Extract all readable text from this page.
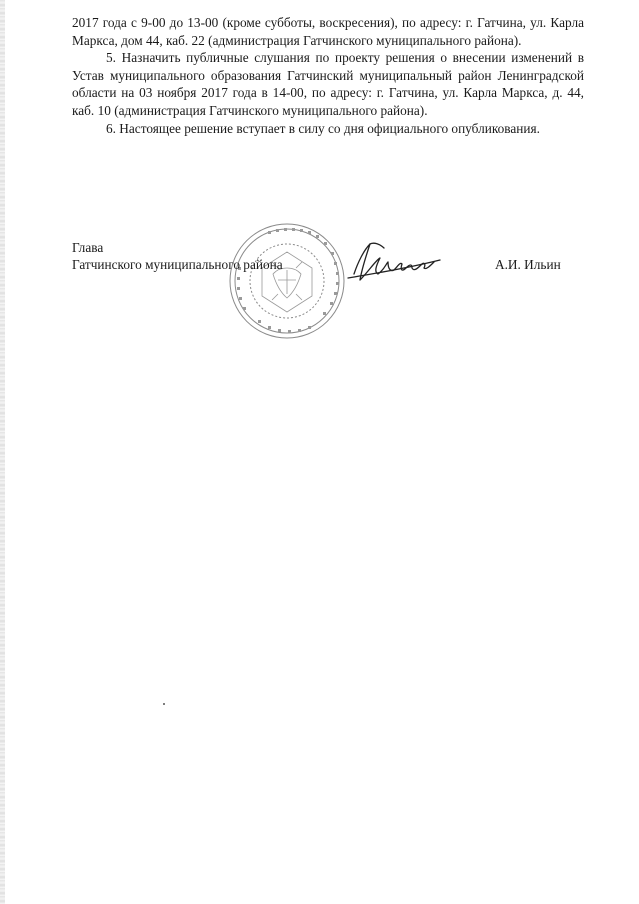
2017 года с 9-00 до 13-00 (кроме субботы, воскресения), по адресу: г. Гатчина, ул. Карла Маркса, дом 44, каб. 22 (администрация Гатчинского муниципального района).

5. Назначить публичные слушания по проекту решения о внесении изменений в Устав муниципального образования Гатчинский муниципальный район Ленинградской области на 03 ноября 2017 года в 14-00, по адресу: г. Гатчина, ул. Карла Маркса, д. 44, каб. 10 (администрация Гатчинского муниципального района).

6. Настоящее решение вступает в силу со дня официального опубликования.

Глава
Гатчинского муниципального района	А.И. Ильин
